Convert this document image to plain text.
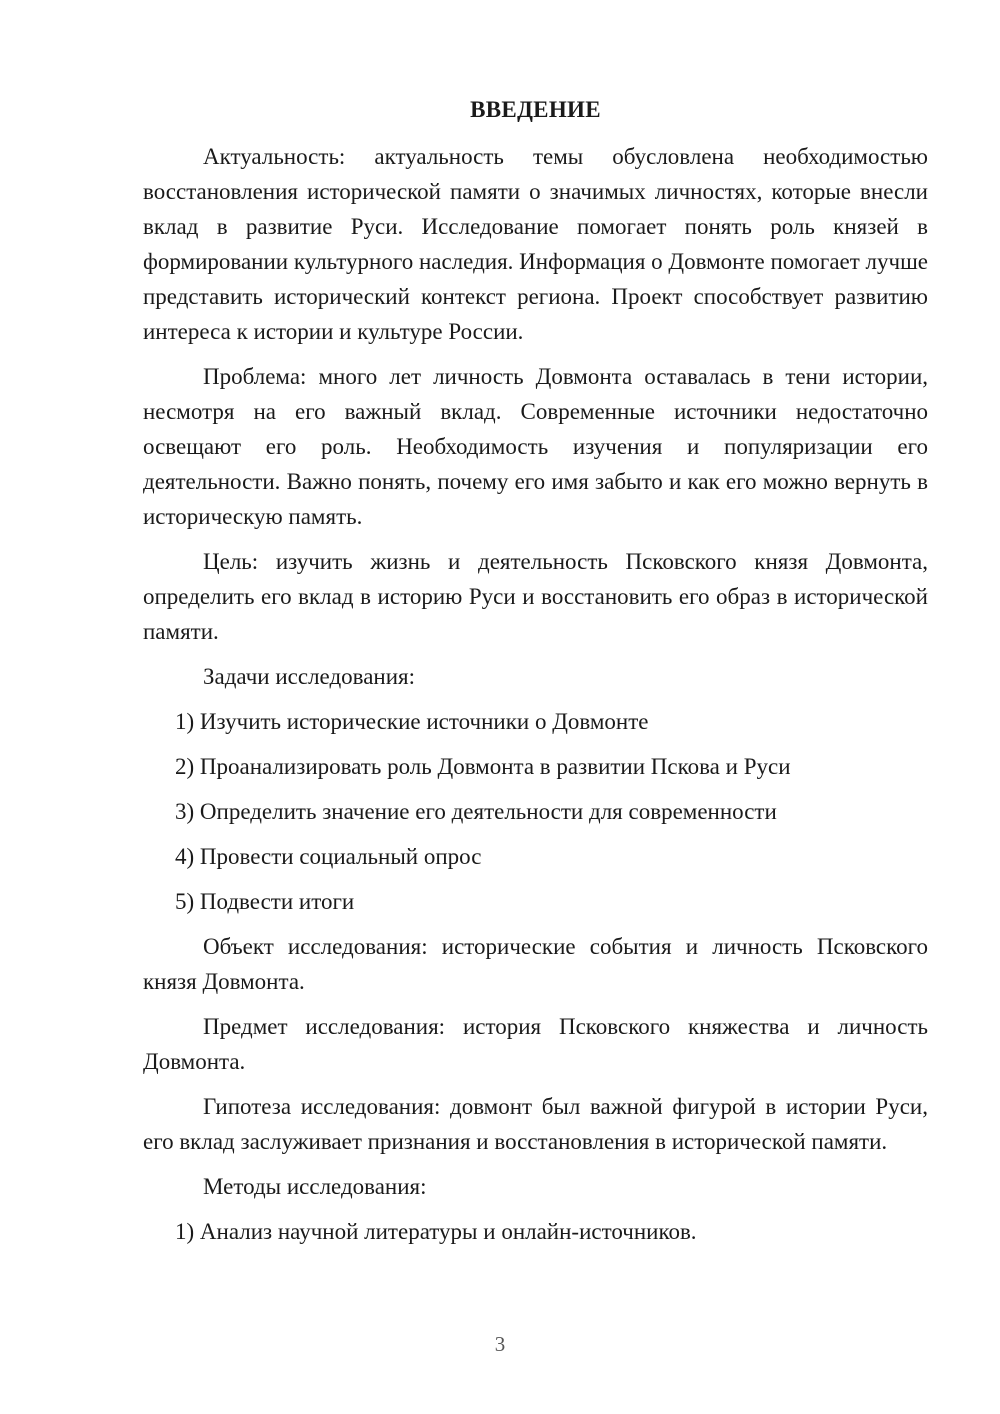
ВВЕДЕНИЕ

Актуальность: актуальность темы обусловлена необходимостью восстановления исторической памяти о значимых личностях, которые внесли вклад в развитие Руси. Исследование помогает понять роль князей в формировании культурного наследия. Информация о Довмонте помогает лучше представить исторический контекст региона. Проект способствует развитию интереса к истории и культуре России.

Проблема: много лет личность Довмонта оставалась в тени истории, несмотря на его важный вклад. Современные источники недостаточно освещают его роль. Необходимость изучения и популяризации его деятельности. Важно понять, почему его имя забыто и как его можно вернуть в историческую память.

Цель: изучить жизнь и деятельность Псковского князя Довмонта, определить его вклад в историю Руси и восстановить его образ в исторической памяти.

Задачи исследования:

1) Изучить исторические источники о Довмонте
2) Проанализировать роль Довмонта в развитии Пскова и Руси
3) Определить значение его деятельности для современности
4) Провести социальный опрос
5) Подвести итоги

Объект исследования: исторические события и личность Псковского князя Довмонта.

Предмет исследования: история Псковского княжества и личность Довмонта.

Гипотеза исследования: довмонт был важной фигурой в истории Руси, его вклад заслуживает признания и восстановления в исторической памяти.

Методы исследования:

1) Анализ научной литературы и онлайн-источников.
3
